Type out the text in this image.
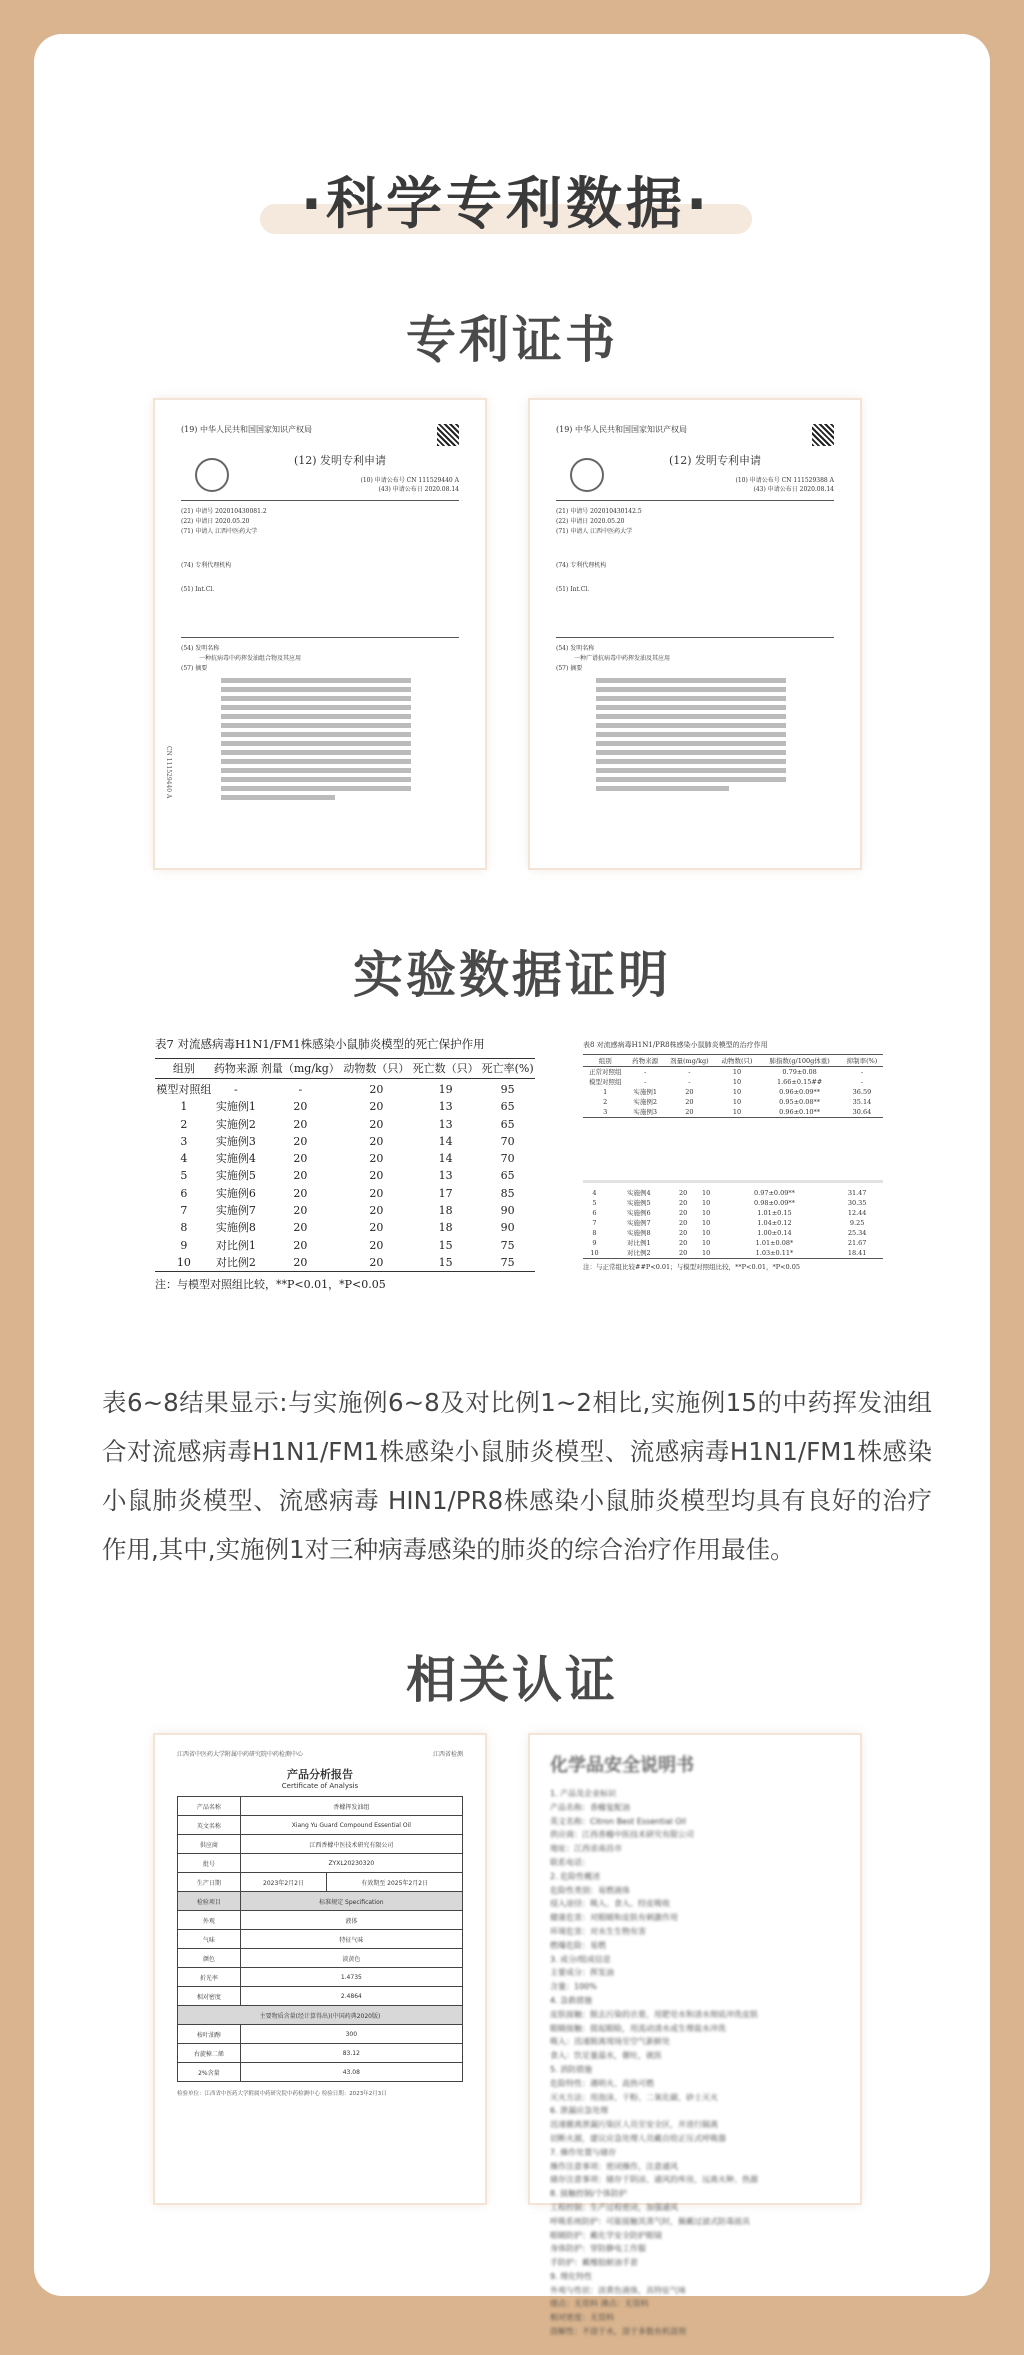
·科学专利数据·
专利证书
(19) 中华人民共和国国家知识产权局
(12) 发明专利申请
(10) 申请公布号 CN 111529440 A
(43) 申请公布日 2020.08.14
(21) 申请号 202010430081.2
(22) 申请日 2020.05.20
(71) 申请人 江西中医药大学
(74) 专利代理机构
(51) Int.Cl.
(54) 发明名称
一种抗病毒中药挥发油组合物及其应用
(57) 摘要
CN 111529440 A
(19) 中华人民共和国国家知识产权局
(12) 发明专利申请
(10) 申请公布号 CN 111529388 A
(43) 申请公布日 2020.08.14
(21) 申请号 202010430142.5
(22) 申请日 2020.05.20
(71) 申请人 江西中医药大学
(74) 专利代理机构
(51) Int.Cl.
(54) 发明名称
一种广谱抗病毒中药挥发油及其应用
(57) 摘要
实验数据证明
表7 对流感病毒H1N1/FM1株感染小鼠肺炎模型的死亡保护作用
组别	药物来源	剂量（mg/kg）	动物数（只）	死亡数（只）	死亡率(%)
模型对照组	-	-	20	19	95
1	实施例1	20	20	13	65
2	实施例2	20	20	13	65
3	实施例3	20	20	14	70
4	实施例4	20	20	14	70
5	实施例5	20	20	13	65
6	实施例6	20	20	17	85
7	实施例7	20	20	18	90
8	实施例8	20	20	18	90
9	对比例1	20	20	15	75
10	对比例2	20	20	15	75
注：与模型对照组比较，**P<0.01，*P<0.05
表8 对流感病毒H1N1/PR8株感染小鼠肺炎模型的治疗作用
组别	药物来源	剂量(mg/kg)	动物数(只)	肺指数(g/100g体重)	抑制率(%)
正常对照组	-	-	10	0.79±0.08	-
模型对照组	-	-	10	1.66±0.15##	-
1	实施例1	20	10	0.96±0.09**	36.59
2	实施例2	20	10	0.95±0.08**	35.14
3	实施例3	20	10	0.96±0.10**	30.64
4	实施例4	20	10	0.97±0.09**	31.47
5	实施例5	20	10	0.98±0.09**	30.35
6	实施例6	20	10	1.01±0.15	12.44
7	实施例7	20	10	1.04±0.12	9.25
8	实施例8	20	10	1.00±0.14	25.34
9	对比例1	20	10	1.01±0.08*	21.67
10	对比例2	20	10	1.03±0.11*	18.41
注：与正常组比较##P<0.01；与模型对照组比较，**P<0.01，*P<0.05
表6~8结果显示:与实施例6~8及对比例1~2相比,实施例15的中药挥发油组合对流感病毒H1N1/FM1株感染小鼠肺炎模型、流感病毒H1N1/FM1株感染小鼠肺炎模型、流感病毒 HIN1/PR8株感染小鼠肺炎模型均具有良好的治疗作用,其中,实施例1对三种病毒感染的肺炎的综合治疗作用最佳。
相关认证
江西省中医药大学附属中药研究院中药检测中心	江西省检测
产品分析报告
Certificate of Analysis
产品名称	香橼挥发油组	
英文名称	Xiang Yu Guard Compound Essential Oil	
供应商	江西香橼中医技术研究有限公司	
批号	ZYXL20230320	
生产日期	2023年2月2日	有效期至 2025年2月2日
检验项目	标准规定 Specification	
外观	液体	
气味	特征气味	
颜色	淡黄色	
折光率	1.4735	
相对密度	2.4864	
主要物质含量(经计算得出)(中国药典2020版)		
桉叶油醇	300	
右旋樟二烯	83.12	
2%含量	43.08	
检验单位：江西省中医药大学附属中药研究院中药检测中心 检验日期：2023年2月3日
化学品安全说明书
1. 产品及企业标识
产品名称：香橼复配油
英文名称：Citron Best Essential Oil
供应商：江西香橼中医技术研究有限公司
地址：江西省南昌市
联系电话：
2. 危险性概述
危险性类别：易燃液体
侵入途径：吸入、食入、经皮吸收
健康危害：对眼睛和皮肤有刺激作用
环境危害：对水生生物有害
燃爆危险：易燃
3. 成分/组成信息
主要成分：挥发油
含量：100%
4. 急救措施
皮肤接触：脱去污染的衣着，用肥皂水和清水彻底冲洗皮肤
眼睛接触：提起眼睑，用流动清水或生理盐水冲洗
吸入：迅速脱离现场至空气新鲜处
食入：饮足量温水，催吐，就医
5. 消防措施
危险特性：遇明火、高热可燃
灭火方法：用泡沫、干粉、二氧化碳、砂土灭火
6. 泄漏应急处理
迅速撤离泄漏污染区人员至安全区，并进行隔离
切断火源，建议应急处理人员戴自给正压式呼吸器
7. 操作处置与储存
操作注意事项：密闭操作，注意通风
储存注意事项：储存于阴凉、通风的库房，远离火种、热源
8. 接触控制/个体防护
工程控制：生产过程密闭，加强通风
呼吸系统防护：可能接触其蒸气时，佩戴过滤式防毒面具
眼睛防护：戴化学安全防护眼镜
身体防护：穿防静电工作服
手防护：戴橡胶耐油手套
9. 理化特性
外观与性状：淡黄色液体，具特征气味
熔点：无资料 沸点：无资料
相对密度：无资料
溶解性：不溶于水，溶于多数有机溶剂
